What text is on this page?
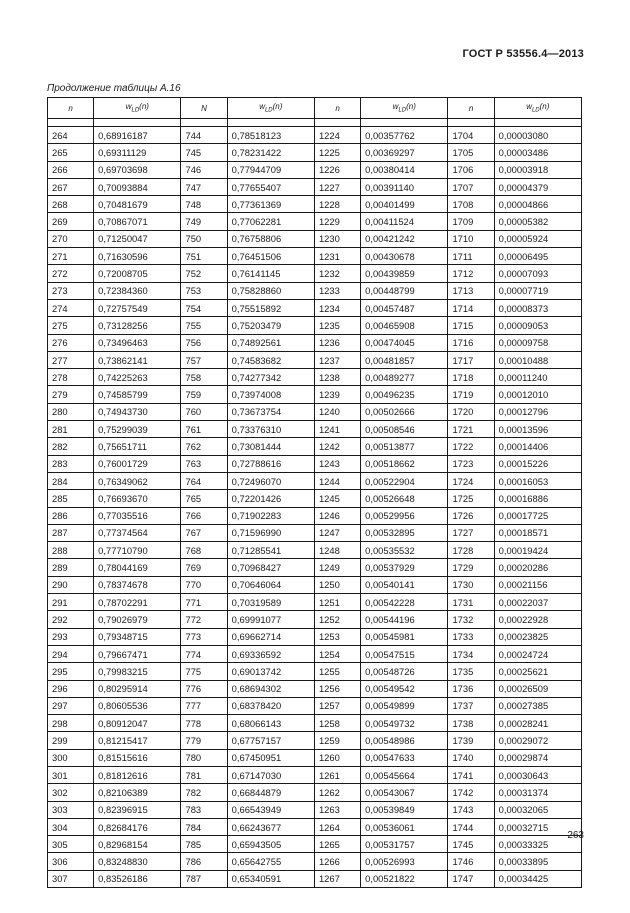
ГОСТ Р 53556.4—2013
Продолжение таблицы А.16
n	$w_{LD}(n)$	N	$w_{LD}(n)$	n	$w_{LD}(n)$	n	$w_{LD}(n)$

264	0,68916187	744	0,78518123	1224	0,00357762	1704	0,00003080
265	0,69311129	745	0,78231422	1225	0,00369297	1705	0,00003486
266	0,69703698	746	0,77944709	1226	0,00380414	1706	0,00003918
267	0,70093884	747	0,77655407	1227	0,00391140	1707	0,00004379
268	0,70481679	748	0,77361369	1228	0,00401499	1708	0,00004866
269	0,70867071	749	0,77062281	1229	0,00411524	1709	0,00005382
270	0,71250047	750	0,76758806	1230	0,00421242	1710	0,00005924
271	0,71630596	751	0,76451506	1231	0,00430678	1711	0,00006495
272	0,72008705	752	0,76141145	1232	0,00439859	1712	0,00007093
273	0,72384360	753	0,75828860	1233	0,00448799	1713	0,00007719
274	0,72757549	754	0,75515892	1234	0,00457487	1714	0,00008373
275	0,73128256	755	0,75203479	1235	0,00465908	1715	0,00009053
276	0,73496463	756	0,74892561	1236	0,00474045	1716	0,00009758
277	0,73862141	757	0,74583682	1237	0,00481857	1717	0,00010488
278	0,74225263	758	0,74277342	1238	0,00489277	1718	0,00011240
279	0,74585799	759	0,73974008	1239	0,00496235	1719	0,00012010
280	0,74943730	760	0,73673754	1240	0,00502666	1720	0,00012796
281	0,75299039	761	0,73376310	1241	0,00508546	1721	0,00013596
282	0,75651711	762	0,73081444	1242	0,00513877	1722	0,00014406
283	0,76001729	763	0,72788616	1243	0,00518662	1723	0,00015226
284	0,76349062	764	0,72496070	1244	0,00522904	1724	0,00016053
285	0,76693670	765	0,72201426	1245	0,00526648	1725	0,00016886
286	0,77035516	766	0,71902283	1246	0,00529956	1726	0,00017725
287	0,77374564	767	0,71596990	1247	0,00532895	1727	0,00018571
288	0,77710790	768	0,71285541	1248	0,00535532	1728	0,00019424
289	0,78044169	769	0,70968427	1249	0,00537929	1729	0,00020286
290	0,78374678	770	0,70646064	1250	0,00540141	1730	0,00021156
291	0,78702291	771	0,70319589	1251	0,00542228	1731	0,00022037
292	0,79026979	772	0,69991077	1252	0,00544196	1732	0,00022928
293	0,79348715	773	0,69662714	1253	0,00545981	1733	0,00023825
294	0,79667471	774	0,69336592	1254	0,00547515	1734	0,00024724
295	0,79983215	775	0,69013742	1255	0,00548726	1735	0,00025621
296	0,80295914	776	0,68694302	1256	0,00549542	1736	0,00026509
297	0,80605536	777	0,68378420	1257	0,00549899	1737	0,00027385
298	0,80912047	778	0,68066143	1258	0,00549732	1738	0,00028241
299	0,81215417	779	0,67757157	1259	0,00548986	1739	0,00029072
300	0,81515616	780	0,67450951	1260	0,00547633	1740	0,00029874
301	0,81812616	781	0,67147030	1261	0,00545664	1741	0,00030643
302	0,82106389	782	0,66844879	1262	0,00543067	1742	0,00031374
303	0,82396915	783	0,66543949	1263	0,00539849	1743	0,00032065
304	0,82684176	784	0,66243677	1264	0,00536061	1744	0,00032715
305	0,82968154	785	0,65943505	1265	0,00531757	1745	0,00033325
306	0,83248830	786	0,65642755	1266	0,00526993	1746	0,00033895
307	0,83526186	787	0,65340591	1267	0,00521822	1747	0,00034425
263
